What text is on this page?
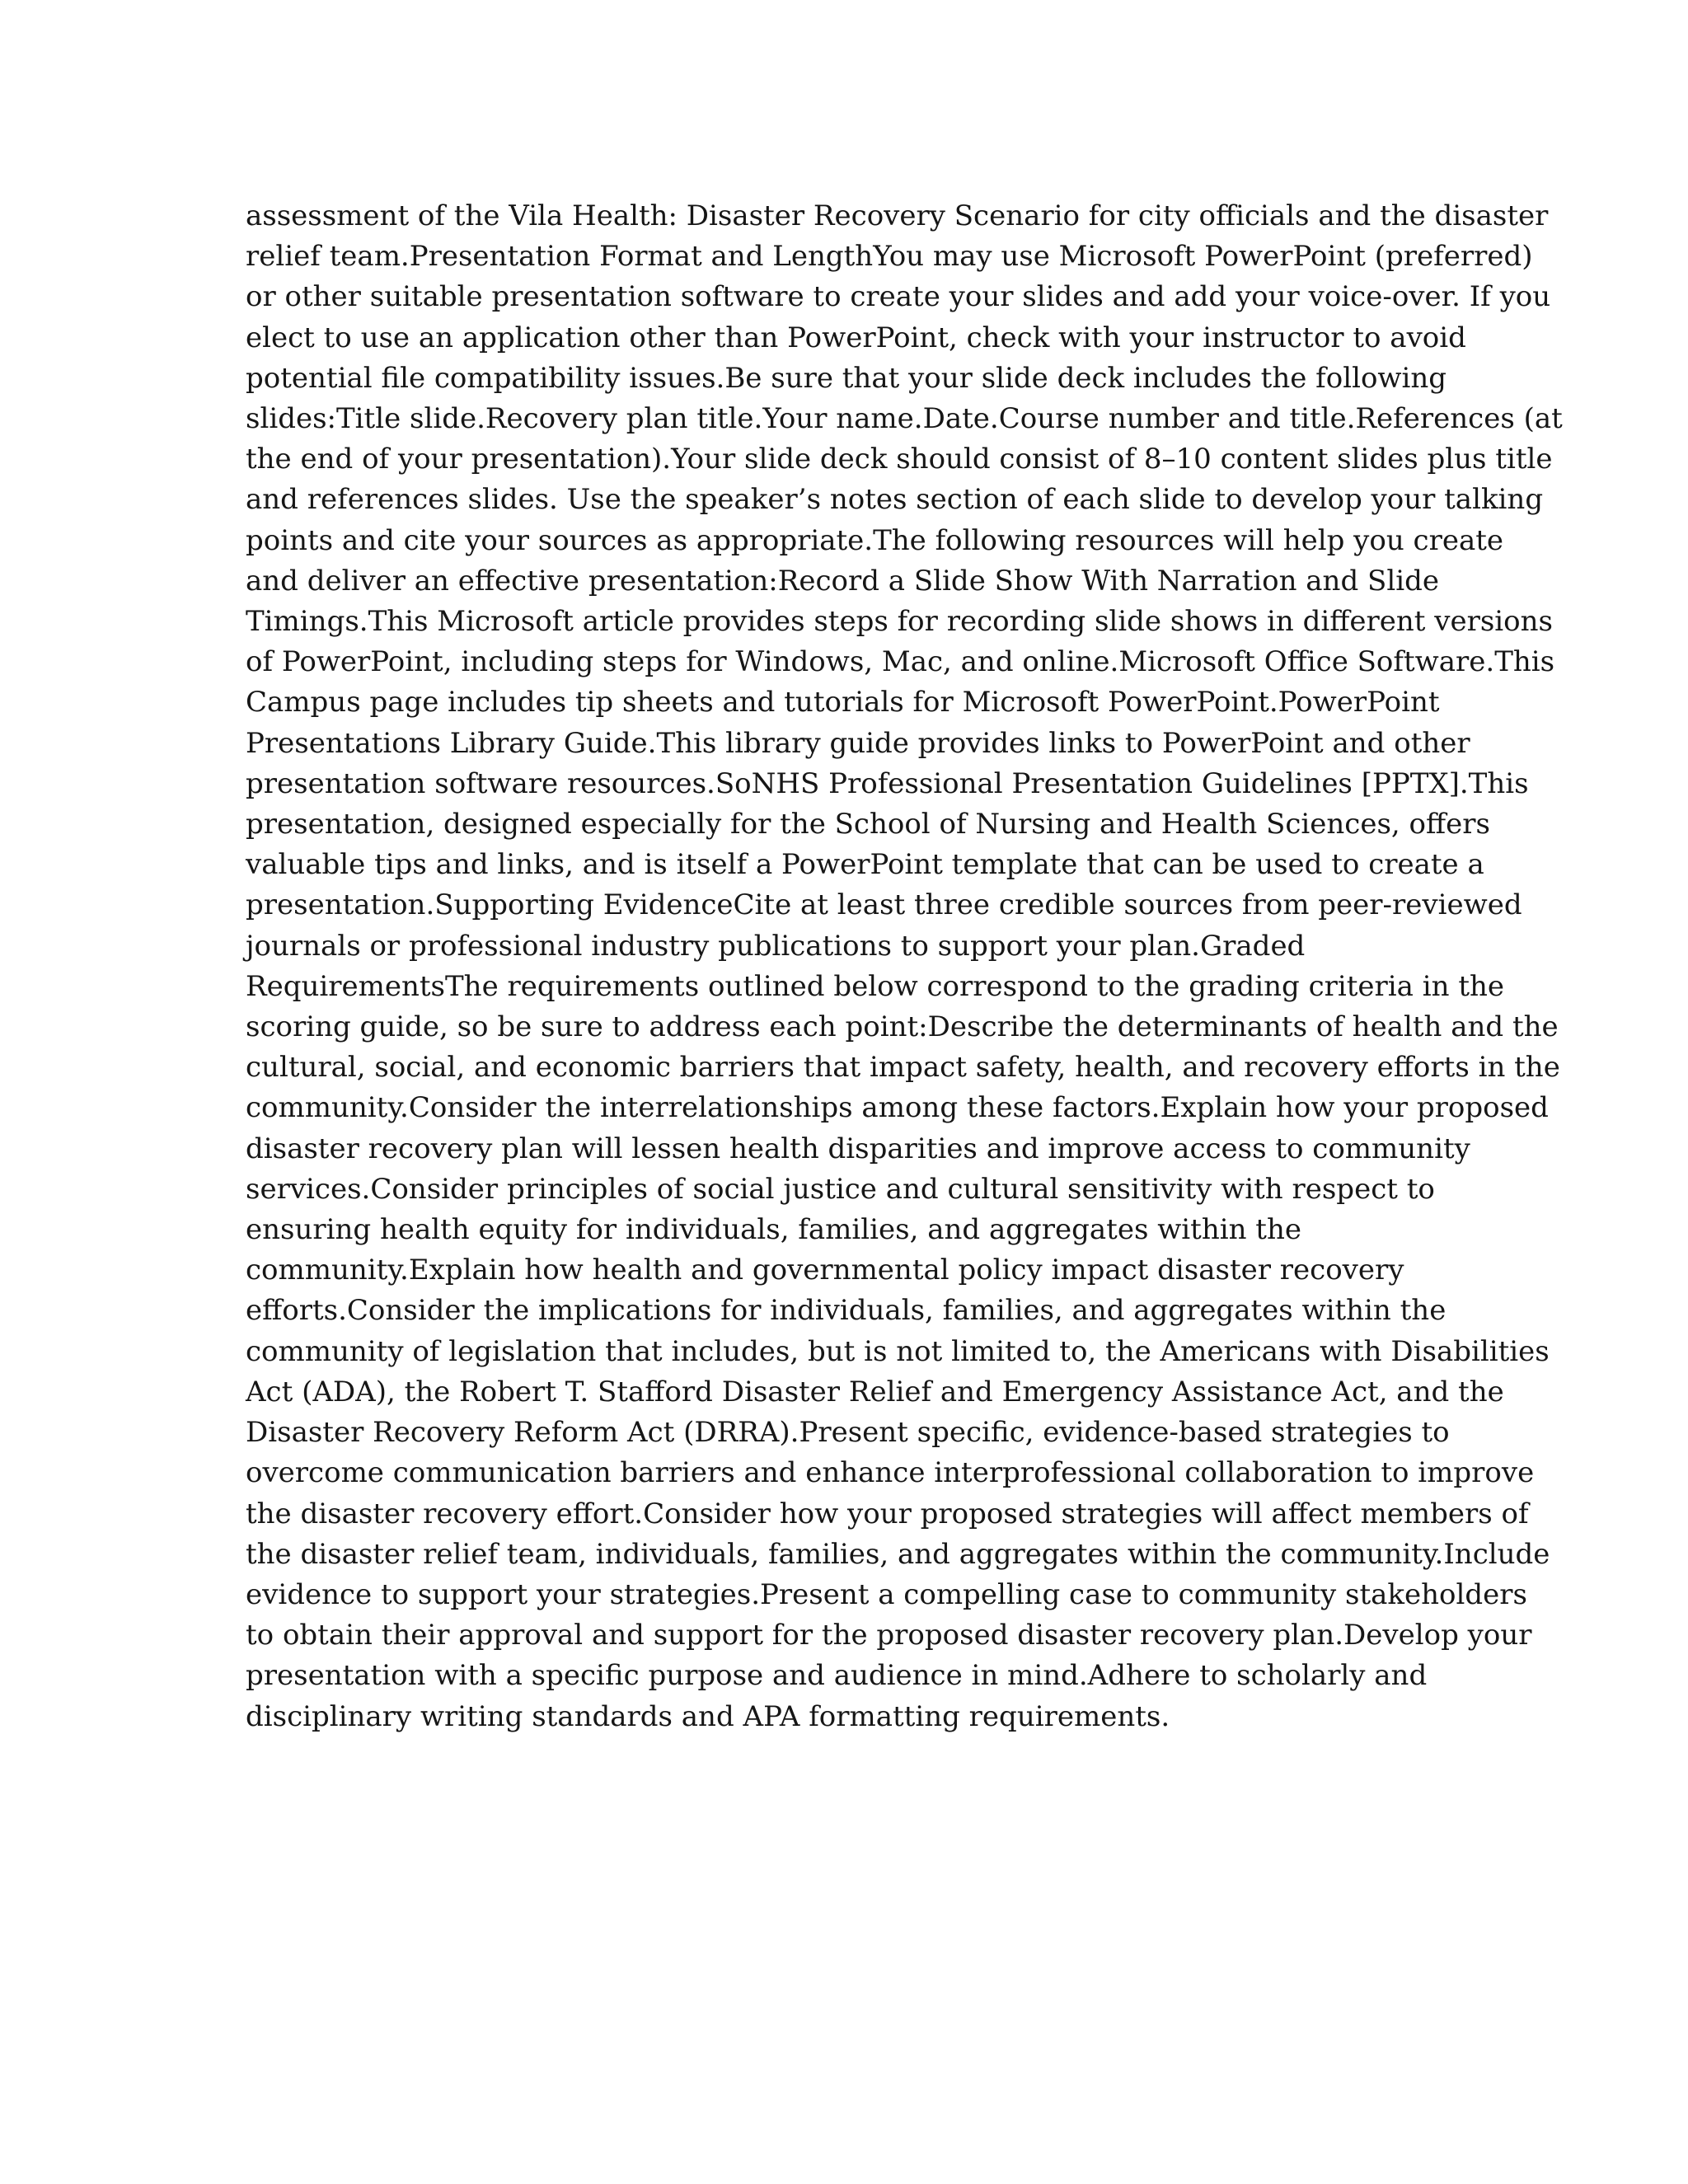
assessment of the Vila Health: Disaster Recovery Scenario for city officials and the disaster
relief team.Presentation Format and LengthYou may use Microsoft PowerPoint (preferred)
or other suitable presentation software to create your slides and add your voice-over. If you
elect to use an application other than PowerPoint, check with your instructor to avoid
potential file compatibility issues.Be sure that your slide deck includes the following
slides:Title slide.Recovery plan title.Your name.Date.Course number and title.References (at
the end of your presentation).Your slide deck should consist of 8–10 content slides plus title
and references slides. Use the speaker’s notes section of each slide to develop your talking
points and cite your sources as appropriate.The following resources will help you create
and deliver an effective presentation:Record a Slide Show With Narration and Slide
Timings.This Microsoft article provides steps for recording slide shows in different versions
of PowerPoint, including steps for Windows, Mac, and online.Microsoft Office Software.This
Campus page includes tip sheets and tutorials for Microsoft PowerPoint.PowerPoint
Presentations Library Guide.This library guide provides links to PowerPoint and other
presentation software resources.SoNHS Professional Presentation Guidelines [PPTX].This
presentation, designed especially for the School of Nursing and Health Sciences, offers
valuable tips and links, and is itself a PowerPoint template that can be used to create a
presentation.Supporting EvidenceCite at least three credible sources from peer-reviewed
journals or professional industry publications to support your plan.Graded
RequirementsThe requirements outlined below correspond to the grading criteria in the
scoring guide, so be sure to address each point:Describe the determinants of health and the
cultural, social, and economic barriers that impact safety, health, and recovery efforts in the
community.Consider the interrelationships among these factors.Explain how your proposed
disaster recovery plan will lessen health disparities and improve access to community
services.Consider principles of social justice and cultural sensitivity with respect to
ensuring health equity for individuals, families, and aggregates within the
community.Explain how health and governmental policy impact disaster recovery
efforts.Consider the implications for individuals, families, and aggregates within the
community of legislation that includes, but is not limited to, the Americans with Disabilities
Act (ADA), the Robert T. Stafford Disaster Relief and Emergency Assistance Act, and the
Disaster Recovery Reform Act (DRRA).Present specific, evidence-based strategies to
overcome communication barriers and enhance interprofessional collaboration to improve
the disaster recovery effort.Consider how your proposed strategies will affect members of
the disaster relief team, individuals, families, and aggregates within the community.Include
evidence to support your strategies.Present a compelling case to community stakeholders
to obtain their approval and support for the proposed disaster recovery plan.Develop your
presentation with a specific purpose and audience in mind.Adhere to scholarly and
disciplinary writing standards and APA formatting requirements.
